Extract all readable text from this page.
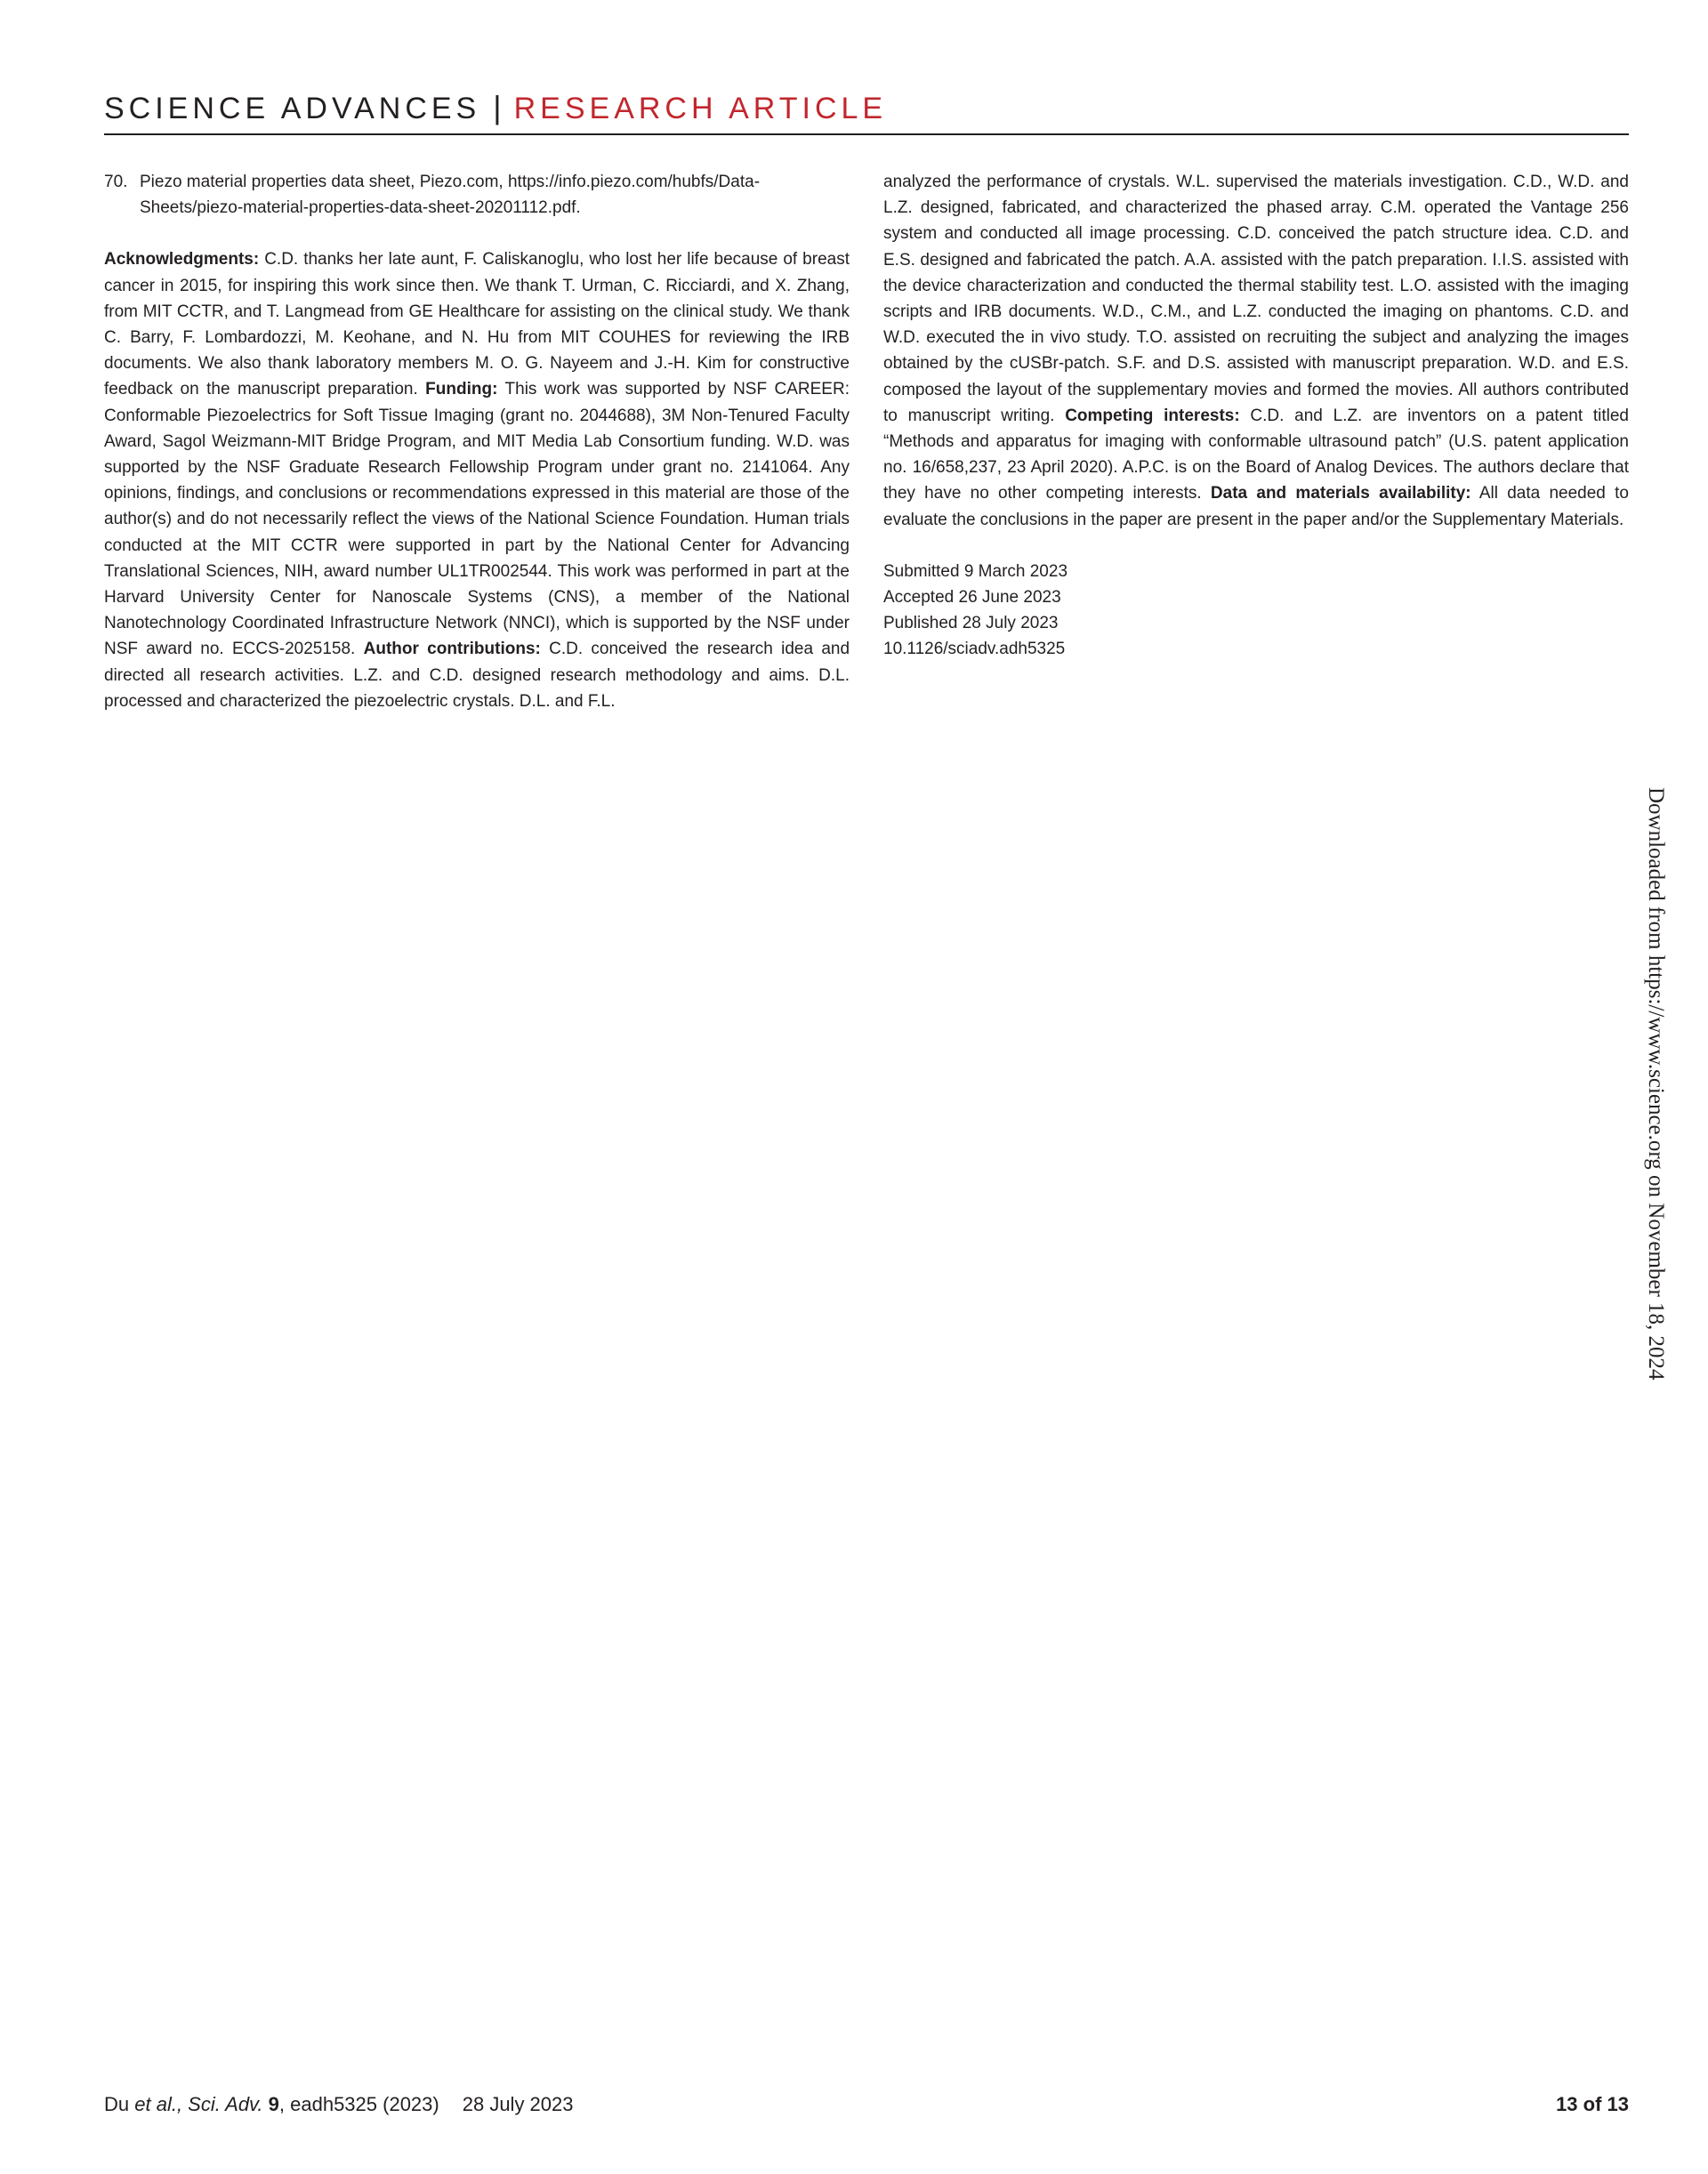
SCIENCE ADVANCES | RESEARCH ARTICLE
70. Piezo material properties data sheet, Piezo.com, https://info.piezo.com/hubfs/Data-Sheets/piezo-material-properties-data-sheet-20201112.pdf.

Acknowledgments: C.D. thanks her late aunt, F. Caliskanoglu, who lost her life because of breast cancer in 2015, for inspiring this work since then. We thank T. Urman, C. Ricciardi, and X. Zhang, from MIT CCTR, and T. Langmead from GE Healthcare for assisting on the clinical study. We thank C. Barry, F. Lombardozzi, M. Keohane, and N. Hu from MIT COUHES for reviewing the IRB documents. We also thank laboratory members M. O. G. Nayeem and J.-H. Kim for constructive feedback on the manuscript preparation. Funding: This work was supported by NSF CAREER: Conformable Piezoelectrics for Soft Tissue Imaging (grant no. 2044688), 3M Non-Tenured Faculty Award, Sagol Weizmann-MIT Bridge Program, and MIT Media Lab Consortium funding. W.D. was supported by the NSF Graduate Research Fellowship Program under grant no. 2141064. Any opinions, findings, and conclusions or recommendations expressed in this material are those of the author(s) and do not necessarily reflect the views of the National Science Foundation. Human trials conducted at the MIT CCTR were supported in part by the National Center for Advancing Translational Sciences, NIH, award number UL1TR002544. This work was performed in part at the Harvard University Center for Nanoscale Systems (CNS), a member of the National Nanotechnology Coordinated Infrastructure Network (NNCI), which is supported by the NSF under NSF award no. ECCS-2025158. Author contributions: C.D. conceived the research idea and directed all research activities. L.Z. and C.D. designed research methodology and aims. D.L. processed and characterized the piezoelectric crystals. D.L. and F.L.

analyzed the performance of crystals. W.L. supervised the materials investigation. C.D., W.D. and L.Z. designed, fabricated, and characterized the phased array. C.M. operated the Vantage 256 system and conducted all image processing. C.D. conceived the patch structure idea. C.D. and E.S. designed and fabricated the patch. A.A. assisted with the patch preparation. I.I.S. assisted with the device characterization and conducted the thermal stability test. L.O. assisted with the imaging scripts and IRB documents. W.D., C.M., and L.Z. conducted the imaging on phantoms. C.D. and W.D. executed the in vivo study. T.O. assisted on recruiting the subject and analyzing the images obtained by the cUSBr-patch. S.F. and D.S. assisted with manuscript preparation. W.D. and E.S. composed the layout of the supplementary movies and formed the movies. All authors contributed to manuscript writing. Competing interests: C.D. and L.Z. are inventors on a patent titled “Methods and apparatus for imaging with conformable ultrasound patch” (U.S. patent application no. 16/658,237, 23 April 2020). A.P.C. is on the Board of Analog Devices. The authors declare that they have no other competing interests. Data and materials availability: All data needed to evaluate the conclusions in the paper are present in the paper and/or the Supplementary Materials.

Submitted 9 March 2023
Accepted 26 June 2023
Published 28 July 2023
10.1126/sciadv.adh5325
Downloaded from https://www.science.org on November 18, 2024
Du et al., Sci. Adv. 9, eadh5325 (2023) 28 July 2023	13 of 13
